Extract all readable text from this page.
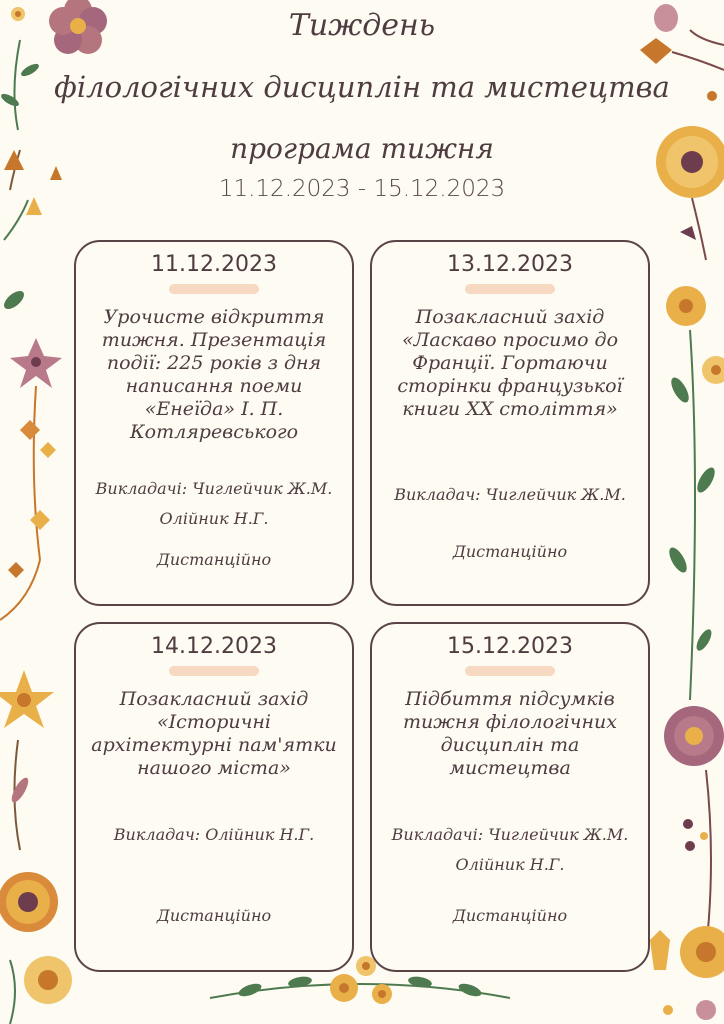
Тиждень
філологічних дисциплін та мистецтва
програма тижня
11.12.2023 - 15.12.2023
11.12.2023
Урочисте відкриття тижня. Презентація події: 225 років з дня написання поеми «Енеїда» І. П. Котляревського
Викладачі: Чиглейчик Ж.М.
Олійник Н.Г.
Дистанційно
13.12.2023
Позакласний захід «Ласкаво просимо до Франції. Гортаючи сторінки французької книги XX століття»
Викладач: Чиглейчик Ж.М.
Дистанційно
14.12.2023
Позакласний захід «Історичні архітектурні пам'ятки нашого міста»
Викладач: Олійник Н.Г.
Дистанційно
15.12.2023
Підбиття підсумків тижня філологічних дисциплін та мистецтва
Викладачі: Чиглейчик Ж.М.
Олійник Н.Г.
Дистанційно
